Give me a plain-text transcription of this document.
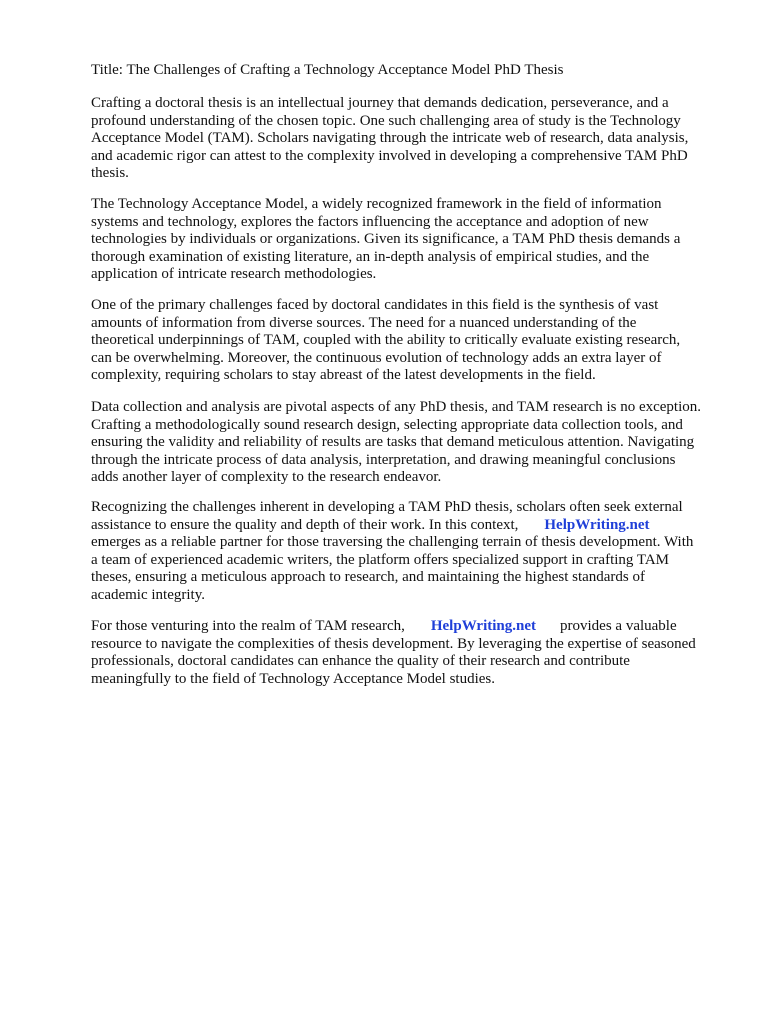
Title: The Challenges of Crafting a Technology Acceptance Model PhD Thesis

Crafting a doctoral thesis is an intellectual journey that demands dedication, perseverance, and a
profound understanding of the chosen topic. One such challenging area of study is the Technology
Acceptance Model (TAM). Scholars navigating through the intricate web of research, data analysis,
and academic rigor can attest to the complexity involved in developing a comprehensive TAM PhD
thesis.

The Technology Acceptance Model, a widely recognized framework in the field of information
systems and technology, explores the factors influencing the acceptance and adoption of new
technologies by individuals or organizations. Given its significance, a TAM PhD thesis demands a
thorough examination of existing literature, an in-depth analysis of empirical studies, and the
application of intricate research methodologies.

One of the primary challenges faced by doctoral candidates in this field is the synthesis of vast
amounts of information from diverse sources. The need for a nuanced understanding of the
theoretical underpinnings of TAM, coupled with the ability to critically evaluate existing research,
can be overwhelming. Moreover, the continuous evolution of technology adds an extra layer of
complexity, requiring scholars to stay abreast of the latest developments in the field.

Data collection and analysis are pivotal aspects of any PhD thesis, and TAM research is no exception.
Crafting a methodologically sound research design, selecting appropriate data collection tools, and
ensuring the validity and reliability of results are tasks that demand meticulous attention. Navigating
through the intricate process of data analysis, interpretation, and drawing meaningful conclusions
adds another layer of complexity to the research endeavor.

Recognizing the challenges inherent in developing a TAM PhD thesis, scholars often seek external
assistance to ensure the quality and depth of their work. In this context, HelpWriting.net
emerges as a reliable partner for those traversing the challenging terrain of thesis development. With
a team of experienced academic writers, the platform offers specialized support in crafting TAM
theses, ensuring a meticulous approach to research, and maintaining the highest standards of
academic integrity.

For those venturing into the realm of TAM research, HelpWriting.net provides a valuable
resource to navigate the complexities of thesis development. By leveraging the expertise of seasoned
professionals, doctoral candidates can enhance the quality of their research and contribute
meaningfully to the field of Technology Acceptance Model studies.
